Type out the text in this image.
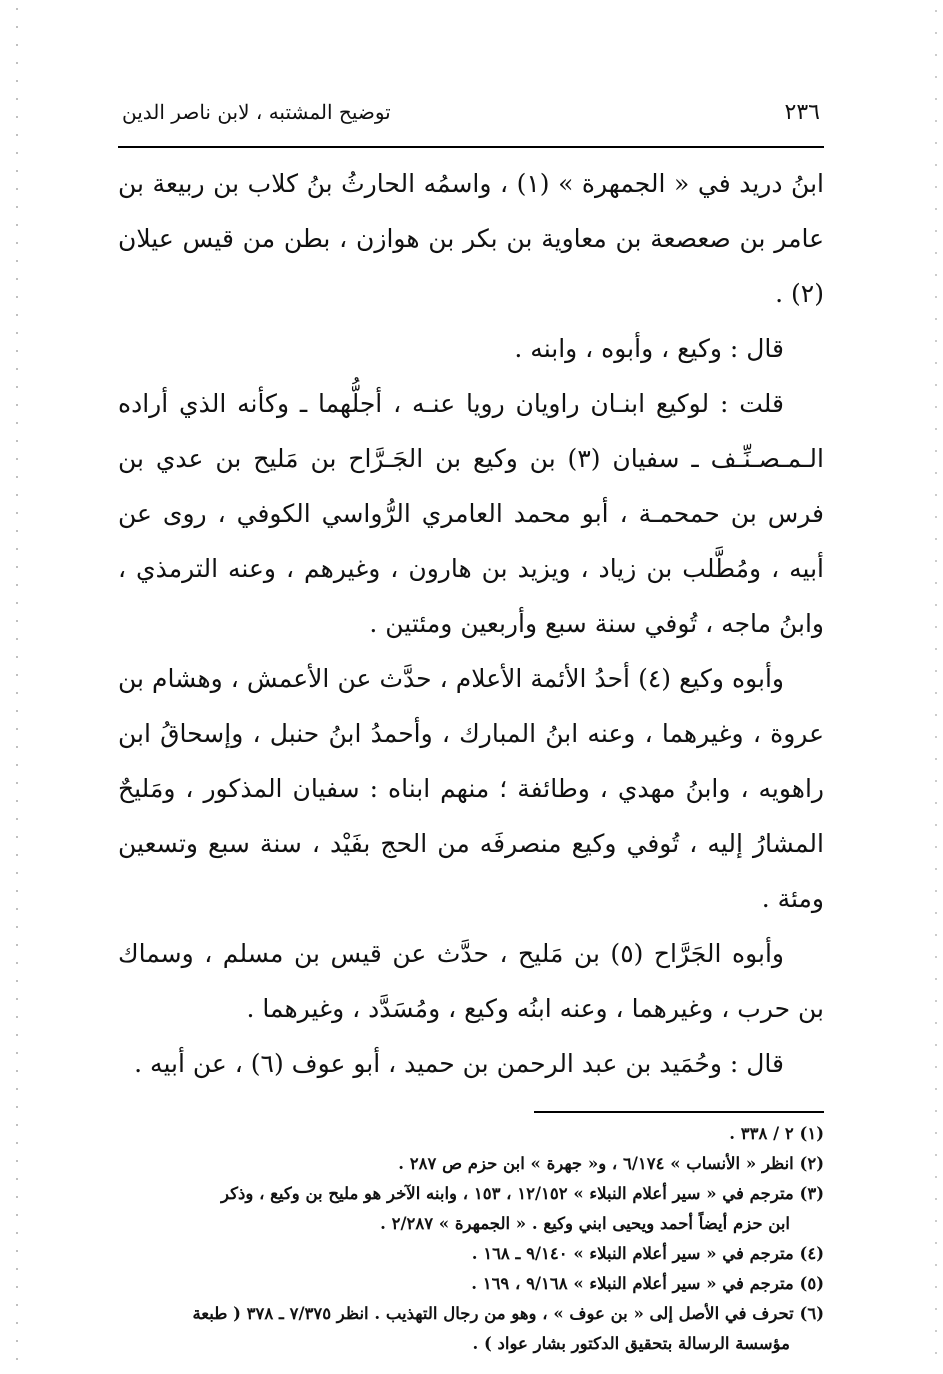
٢٣٦
توضيح المشتبه ، لابن ناصر الدين

ابنُ دريد في « الجمهرة » (١) ، واسمُه الحارثُ بنُ كلاب بن ربيعة بن عامر بن صعصعة بن معاوية بن بكر بن هوازن ، بطن من قيس عيلان (٢) .

قال : وكيع ، وأبوه ، وابنه .

قلت : لوكيع ابنـان راويان رويا عنـه ، أجلُّهما ـ وكأنه الذي أراده الـمـصـنِّـف ـ سفيان (٣) بن وكيع بن الجَـرَّاح بن مَليح بن عدي بن فرس بن حمحمـة ، أبو محمد العامري الرُّواسي الكوفي ، روى عن أبيه ، ومُطَّلب بن زياد ، ويزيد بن هارون ، وغيرهم ، وعنه الترمذي ، وابنُ ماجه ، تُوفي سنة سبع وأربعين ومئتين .

وأبوه وكيع (٤) أحدُ الأئمة الأعلام ، حدَّث عن الأعمش ، وهشام بن عروة ، وغيرهما ، وعنه ابنُ المبارك ، وأحمدُ ابنُ حنبل ، وإسحاقُ ابن راهويه ، وابنُ مهدي ، وطائفة ؛ منهم ابناه : سفيان المذكور ، ومَليحٌ المشارُ إليه ، تُوفي وكيع منصرفَه من الحج بفَيْد ، سنة سبع وتسعين ومئة .

وأبوه الجَرَّاح (٥) بن مَليح ، حدَّث عن قيس بن مسلم ، وسماك بن حرب ، وغيرهما ، وعنه ابنُه وكيع ، ومُسَدَّد ، وغيرهما .

قال : وحُمَيد بن عبد الرحمن بن حميد ، أبو عوف (٦) ، عن أبيه .

(١) ٢ / ٣٣٨ .

(٢) انظر « الأنساب » ٦/١٧٤ ، و« جهرة » ابن حزم ص ٢٨٧ .

(٣) مترجم في « سير أعلام النبلاء » ١٢/١٥٢ ، ١٥٣ ، وابنه الآخر هو مليح بن وكيع ، وذكر

ابن حزم أيضاً أحمد ويحيى ابني وكيع . « الجمهرة » ٢/٢٨٧ .

(٤) مترجم في « سير أعلام النبلاء » ٩/١٤٠ ـ ١٦٨ .

(٥) مترجم في « سير أعلام النبلاء » ٩/١٦٨ ، ١٦٩ .

(٦) تحرف في الأصل إلى « بن عوف » ، وهو من رجال التهذيب . انظر ٧/٣٧٥ ـ ٣٧٨ ( طبعة

مؤسسة الرسالة بتحقيق الدكتور بشار عواد ) .
